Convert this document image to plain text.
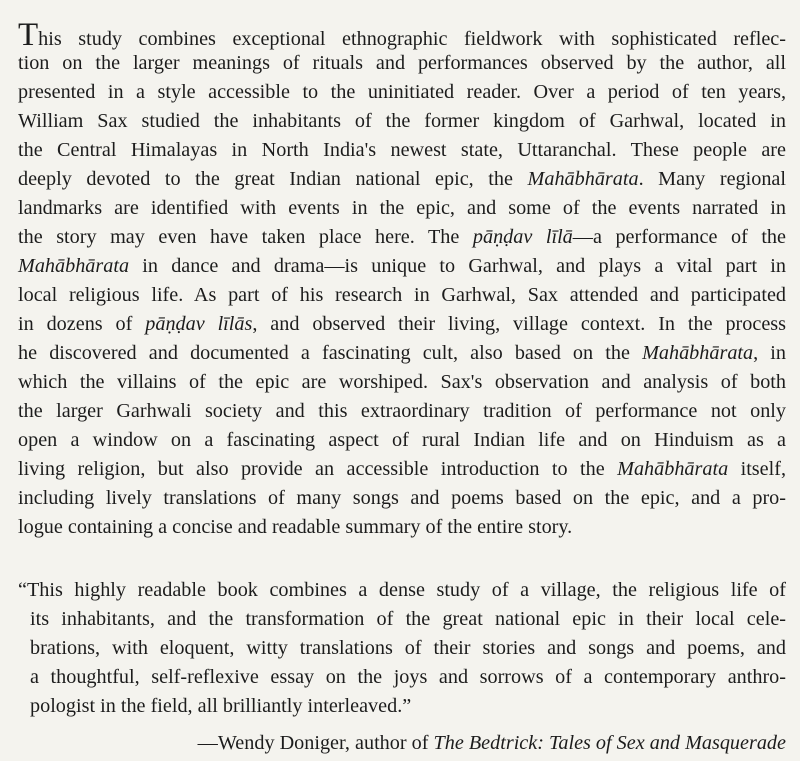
This study combines exceptional ethnographic fieldwork with sophisticated reflec-
tion on the larger meanings of rituals and performances observed by the author, all
presented in a style accessible to the uninitiated reader. Over a period of ten years,
William Sax studied the inhabitants of the former kingdom of Garhwal, located in
the Central Himalayas in North India's newest state, Uttaranchal. These people are
deeply devoted to the great Indian national epic, the Mahābhārata. Many regional
landmarks are identified with events in the epic, and some of the events narrated in
the story may even have taken place here. The pāṇḍav līlā—a performance of the
Mahābhārata in dance and drama—is unique to Garhwal, and plays a vital part in
local religious life. As part of his research in Garhwal, Sax attended and participated
in dozens of pāṇḍav līlās, and observed their living, village context. In the process
he discovered and documented a fascinating cult, also based on the Mahābhārata, in
which the villains of the epic are worshiped. Sax's observation and analysis of both
the larger Garhwali society and this extraordinary tradition of performance not only
open a window on a fascinating aspect of rural Indian life and on Hinduism as a
living religion, but also provide an accessible introduction to the Mahābhārata itself,
including lively translations of many songs and poems based on the epic, and a pro-
logue containing a concise and readable summary of the entire story.
“This highly readable book combines a dense study of a village, the religious life of
its inhabitants, and the transformation of the great national epic in their local cele-
brations, with eloquent, witty translations of their stories and songs and poems, and
a thoughtful, self-reflexive essay on the joys and sorrows of a contemporary anthro-
pologist in the field, all brilliantly interleaved.”
—Wendy Doniger, author of The Bedtrick: Tales of Sex and Masquerade
